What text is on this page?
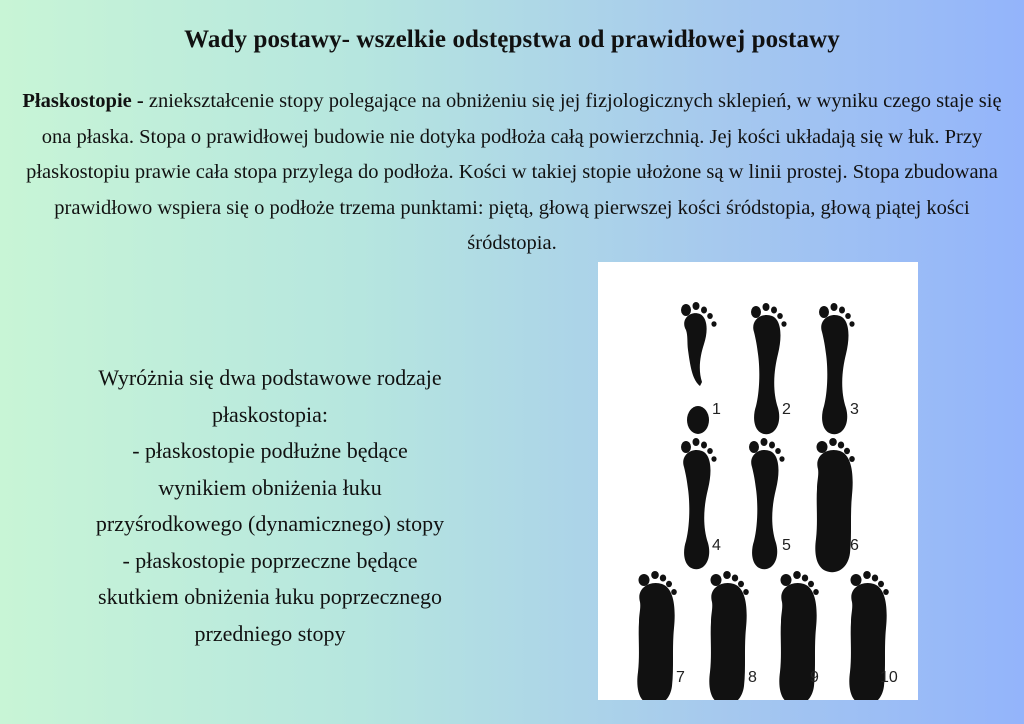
Wady postawy- wszelkie odstępstwa od prawidłowej postawy
Płaskostopie - zniekształcenie stopy polegające na obniżeniu się jej fizjologicznych sklepień, w wyniku czego staje się ona płaska. Stopa o prawidłowej budowie nie dotyka podłoża całą powierzchnią. Jej kości układają się w łuk. Przy płaskostopiu prawie cała stopa przylega do podłoża. Kości w takiej stopie ułożone są w linii prostej. Stopa zbudowana prawidłowo wspiera się o podłoże trzema punktami: piętą, głową pierwszej kości śródstopia, głową piątej kości śródstopia.
Wyróżnia się dwa podstawowe rodzaje
płaskostopia:
- płaskostopie podłużne będące
wynikiem obniżenia łuku
przyśrodkowego (dynamicznego) stopy
- płaskostopie poprzeczne będące
skutkiem obniżenia łuku poprzecznego
przedniego stopy
1	2	3
4	5	6
7	8	9	10
